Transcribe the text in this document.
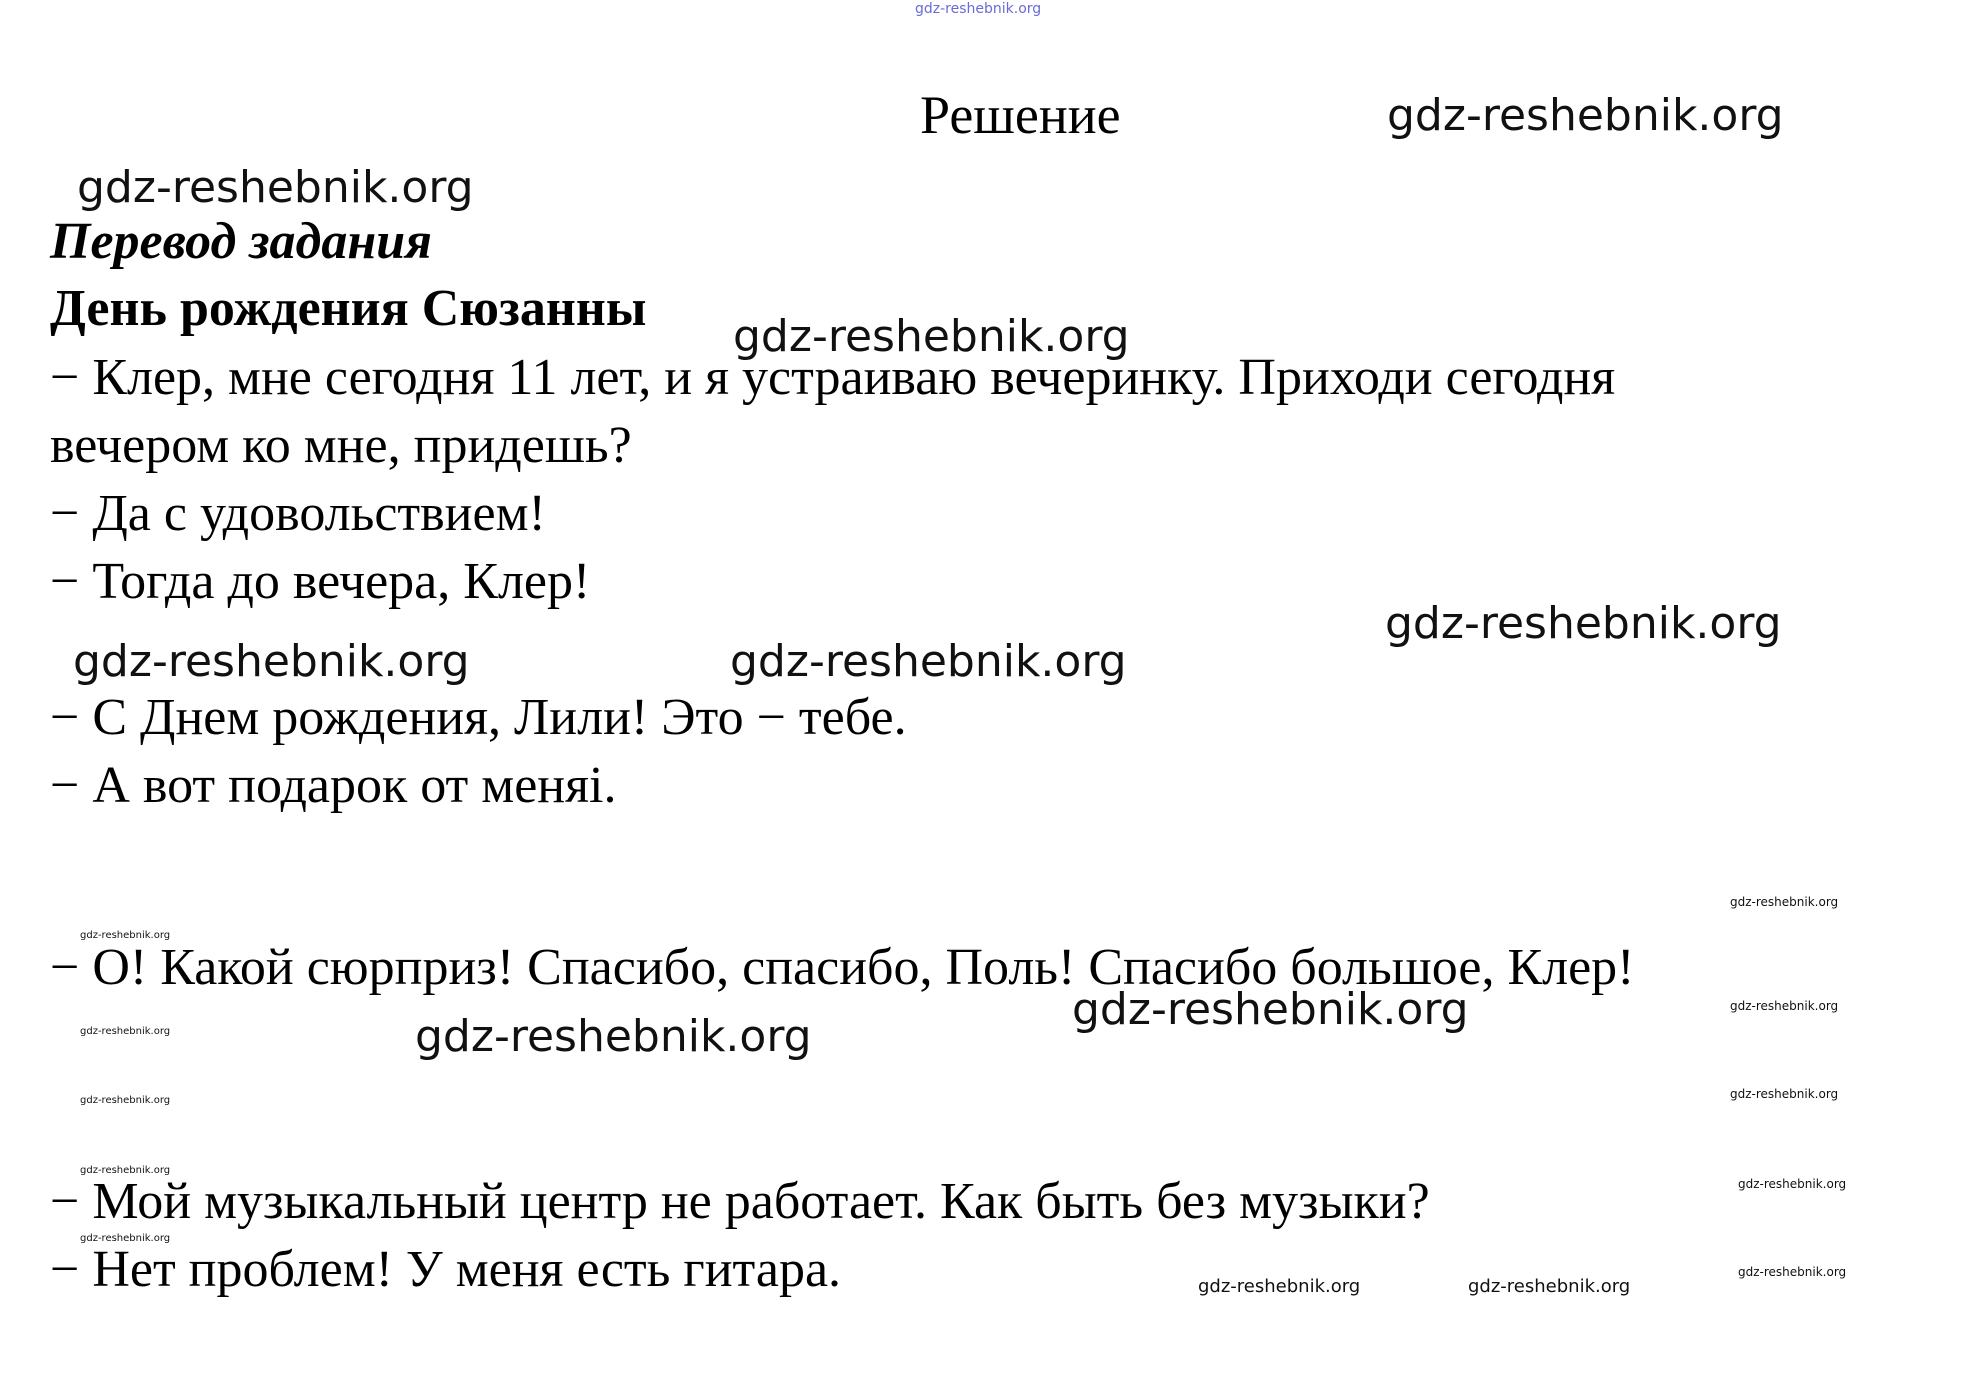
gdz-reshebnik.org
Решение	gdz-reshebnik.org
gdz-reshebnik.org
Перевод задания
День рождения Сюзанны gdz-reshebnik.org
− Клер, мне сегодня 11 лет, и я устраиваю вечеринку. Приходи сегодня
вечером ко мне, придешь?
− Да с удовольствием!
− Тогда до вечера, Клер!
gdz-reshebnik.org
gdz-reshebnik.org	gdz-reshebnik.org
− С Днем рождения, Лили! Это − тебе.
− А вот подарок от меняі.
gdz-reshebnik.org
gdz-reshebnik.org
− О! Какой сюрприз! Спасибо, спасибо, Поль! Спасибо большое, Клер!
gdz-reshebnik.org	gdz-reshebnik.org
gdz-reshebnik.org	gdz-reshebnik.org
gdz-reshebnik.org	gdz-reshebnik.org
gdz-reshebnik.org
gdz-reshebnik.org
− Мой музыкальный центр не работает. Как быть без музыки?
gdz-reshebnik.org
− Нет проблем! У меня есть гитара.	gdz-reshebnik.org
gdz-reshebnik.org	gdz-reshebnik.org
